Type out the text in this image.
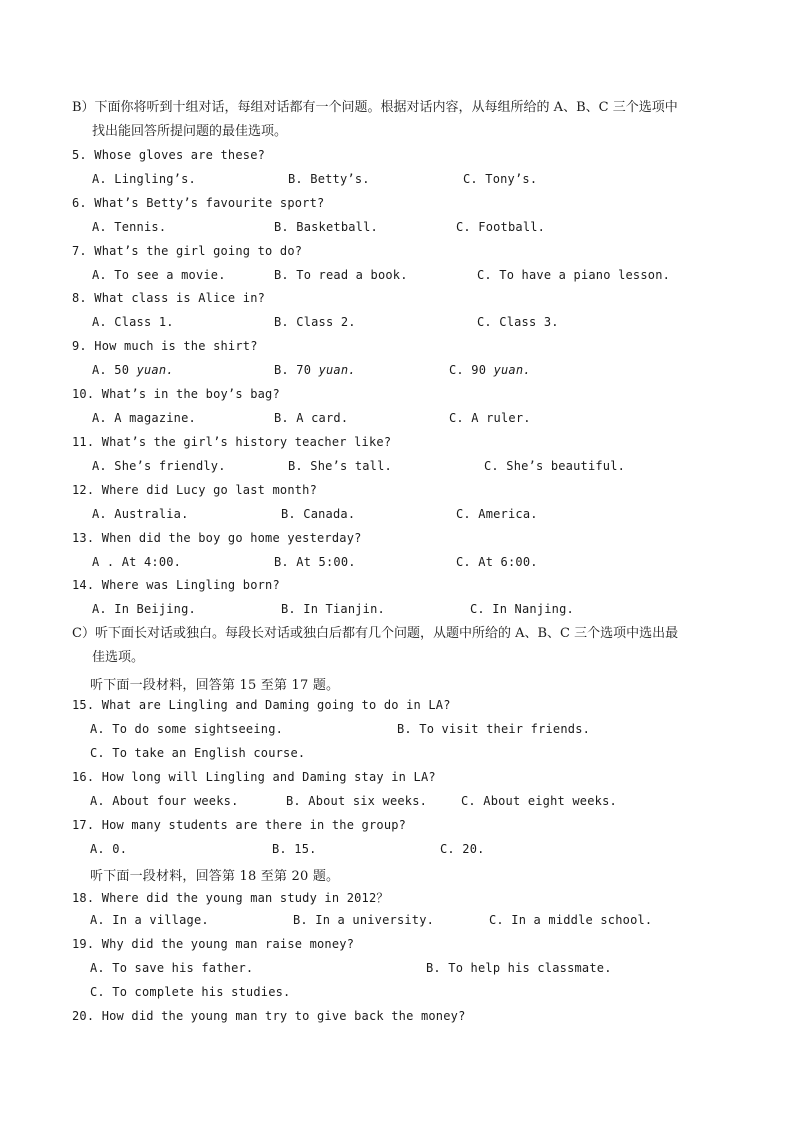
B）下面你将听到十组对话，每组对话都有一个问题。根据对话内容，从每组所给的 A、B、C 三个选项中
找出能回答所提问题的最佳选项。
5. Whose gloves are these?
A. Lingling’s.	B. Betty’s.	C. Tony’s.
6. What’s Betty’s favourite sport?
A. Tennis.	B. Basketball.	C. Football.
7. What’s the girl going to do?
A. To see a movie.	B. To read a book.	C. To have a piano lesson.
8. What class is Alice in?
A. Class 1.	B. Class 2.	C. Class 3.
9. How much is the shirt?
A. 50 yuan.	B. 70 yuan.	C. 90 yuan.
10. What’s in the boy’s bag?
A. A magazine.	B. A card.	C. A ruler.
11. What’s the girl’s history teacher like?
A. She’s friendly.	B. She’s tall.	C. She’s beautiful.
12. Where did Lucy go last month?
A. Australia.	B. Canada.	C. America.
13. When did the boy go home yesterday?
A . At 4:00.	B. At 5:00.	C. At 6:00.
14. Where was Lingling born?
A. In Beijing.	B. In Tianjin.	C. In Nanjing.
C）听下面长对话或独白。每段长对话或独白后都有几个问题，从题中所给的 A、B、C 三个选项中选出最
佳选项。
听下面一段材料，回答第 15 至第 17 题。
15. What are Lingling and Daming going to do in LA?
A. To do some sightseeing.	B. To visit their friends.
C. To take an English course.
16. How long will Lingling and Daming stay in LA?
A. About four weeks.	B. About six weeks.	C. About eight weeks.
17. How many students are there in the group?
A. 0.	B. 15.	C. 20.
听下面一段材料，回答第 18 至第 20 题。
18. Where did the young man study in 2012？
A. In a village.	B. In a university.	C. In a middle school.
19. Why did the young man raise money?
A. To save his father.	B. To help his classmate.
C. To complete his studies.
20. How did the young man try to give back the money?
